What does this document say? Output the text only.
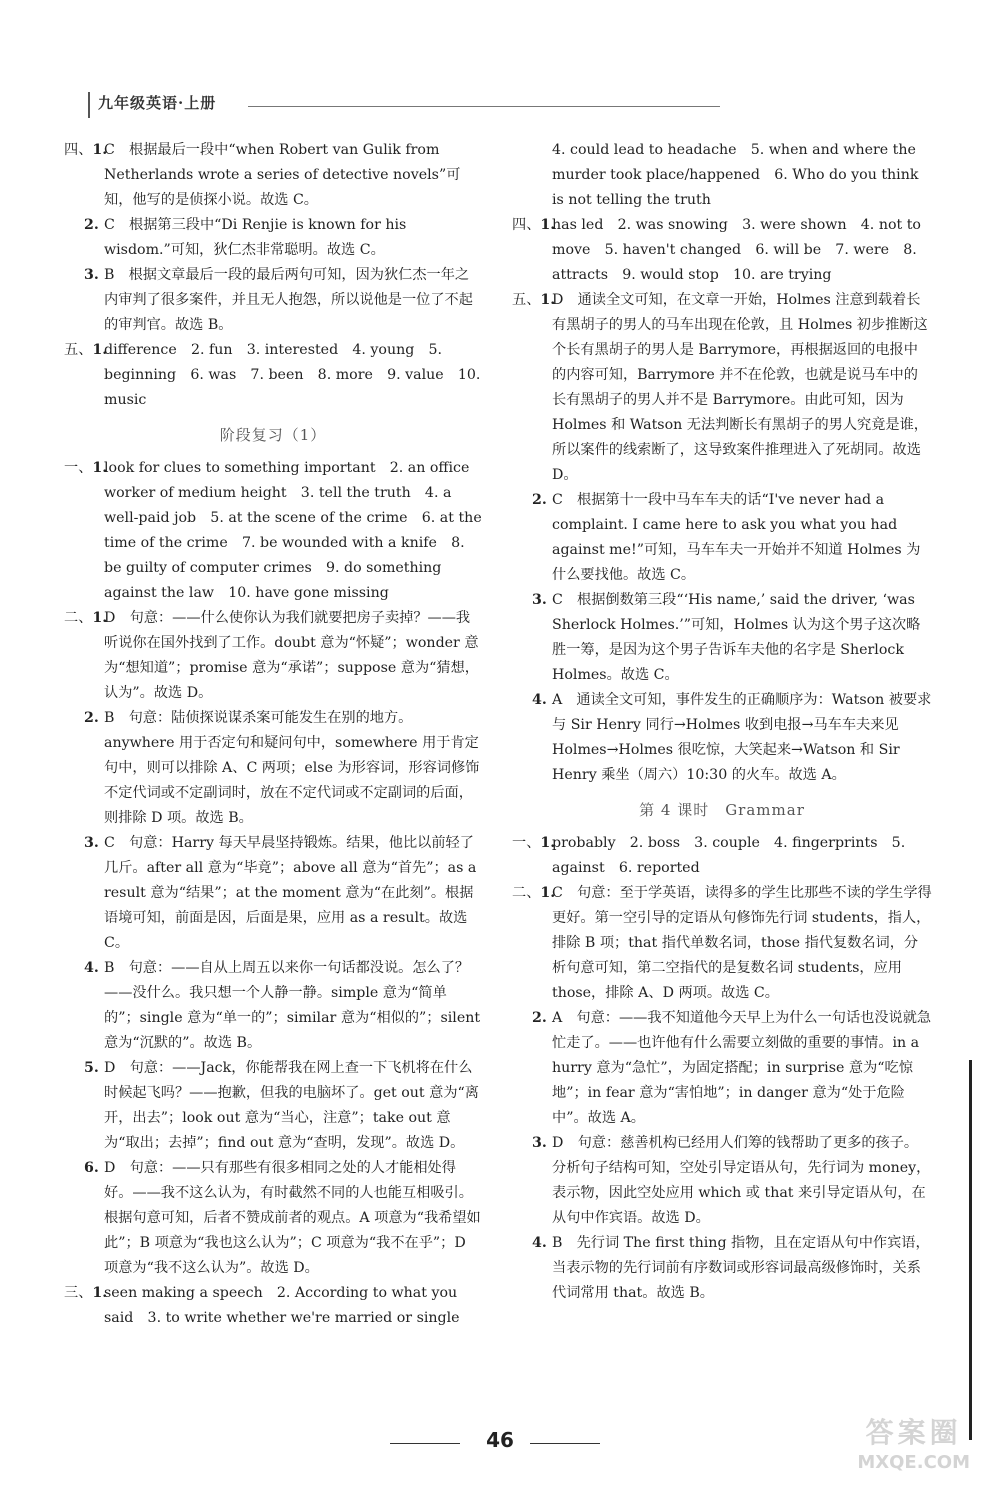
九年级英语·上册
四、1.
C　根据最后一段中“when Robert van Gulik from Netherlands wrote a series of detective novels”可知，他写的是侦探小说。故选 C。
2. C　根据第三段中“Di Renjie is known for his wisdom.”可知，狄仁杰非常聪明。故选 C。
3. B　根据文章最后一段的最后两句可知，因为狄仁杰一年之内审判了很多案件，并且无人抱怨，所以说他是一位了不起的审判官。故选 B。
五、1.
difference　2. fun　3. interested　4. young　5. beginning　6. was　7. been　8. more　9. value　10. music
阶段复习（1）
一、1.
look for clues to something important　2. an office worker of medium height　3. tell the truth　4. a well-paid job　5. at the scene of the crime　6. at the time of the crime　7. be wounded with a knife　8. be guilty of computer crimes　9. do something against the law　10. have gone missing
二、1.
D　句意：——什么使你认为我们就要把房子卖掉？——我听说你在国外找到了工作。doubt 意为“怀疑”；wonder 意为“想知道”；promise 意为“承诺”；suppose 意为“猜想，认为”。故选 D。
2. B　句意：陆侦探说谋杀案可能发生在别的地方。anywhere 用于否定句和疑问句中，somewhere 用于肯定句中，则可以排除 A、C 两项；else 为形容词，形容词修饰不定代词或不定副词时，放在不定代词或不定副词的后面，则排除 D 项。故选 B。
3. C　句意：Harry 每天早晨坚持锻炼。结果，他比以前轻了几斤。after all 意为“毕竟”；above all 意为“首先”；as a result 意为“结果”；at the moment 意为“在此刻”。根据语境可知，前面是因，后面是果，应用 as a result。故选 C。
4. B　句意：——自从上周五以来你一句话都没说。怎么了？——没什么。我只想一个人静一静。simple 意为“简单的”；single 意为“单一的”；similar 意为“相似的”；silent 意为“沉默的”。故选 B。
5. D　句意：——Jack，你能帮我在网上查一下飞机将在什么时候起飞吗？——抱歉，但我的电脑坏了。get out 意为“离开，出去”；look out 意为“当心，注意”；take out 意为“取出；去掉”；find out 意为“查明，发现”。故选 D。
6. D　句意：——只有那些有很多相同之处的人才能相处得好。——我不这么认为，有时截然不同的人也能互相吸引。根据句意可知，后者不赞成前者的观点。A 项意为“我希望如此”；B 项意为“我也这么认为”；C 项意为“我不在乎”；D 项意为“我不这么认为”。故选 D。
三、1.
seen making a speech　2. According to what you said　3. to write whether we're married or single
4. could lead to headache　5. when and where the murder took place/happened　6. Who do you think is not telling the truth
四、1.
has led　2. was snowing　3. were shown　4. not to move　5. haven't changed　6. will be　7. were　8. attracts　9. would stop　10. are trying
五、1.
D　通读全文可知，在文章一开始，Holmes 注意到载着长有黑胡子的男人的马车出现在伦敦，且 Holmes 初步推断这个长有黑胡子的男人是 Barrymore，再根据返回的电报中的内容可知，Barrymore 并不在伦敦，也就是说马车中的长有黑胡子的男人并不是 Barrymore。由此可知，因为 Holmes 和 Watson 无法判断长有黑胡子的男人究竟是谁，所以案件的线索断了，这导致案件推理进入了死胡同。故选 D。
2. C　根据第十一段中马车车夫的话“I've never had a complaint. I came here to ask you what you had against me!”可知，马车车夫一开始并不知道 Holmes 为什么要找他。故选 C。
3. C　根据倒数第三段“‘His name,’ said the driver, ‘was Sherlock Holmes.’”可知，Holmes 认为这个男子这次略胜一筹，是因为这个男子告诉车夫他的名字是 Sherlock Holmes。故选 C。
4. A　通读全文可知，事件发生的正确顺序为：Watson 被要求与 Sir Henry 同行→Holmes 收到电报→马车车夫来见 Holmes→Holmes 很吃惊，大笑起来→Watson 和 Sir Henry 乘坐（周六）10:30 的火车。故选 A。
第 4 课时　Grammar
一、1.
probably　2. boss　3. couple　4. fingerprints　5. against　6. reported
二、1.
C　句意：至于学英语，读得多的学生比那些不读的学生学得更好。第一空引导的定语从句修饰先行词 students，指人，排除 B 项；that 指代单数名词，those 指代复数名词，分析句意可知，第二空指代的是复数名词 students，应用 those，排除 A、D 两项。故选 C。
2. A　句意：——我不知道他今天早上为什么一句话也没说就急忙走了。——也许他有什么需要立刻做的重要的事情。in a hurry 意为“急忙”，为固定搭配；in surprise 意为“吃惊地”；in fear 意为“害怕地”；in danger 意为“处于危险中”。故选 A。
3. D　句意：慈善机构已经用人们筹的钱帮助了更多的孩子。分析句子结构可知，空处引导定语从句，先行词为 money，表示物，因此空处应用 which 或 that 来引导定语从句，在从句中作宾语。故选 D。
4. B　先行词 The first thing 指物，且在定语从句中作宾语，当表示物的先行词前有序数词或形容词最高级修饰时，关系代词常用 that。故选 B。
46	答案圈
MXQE.COM
